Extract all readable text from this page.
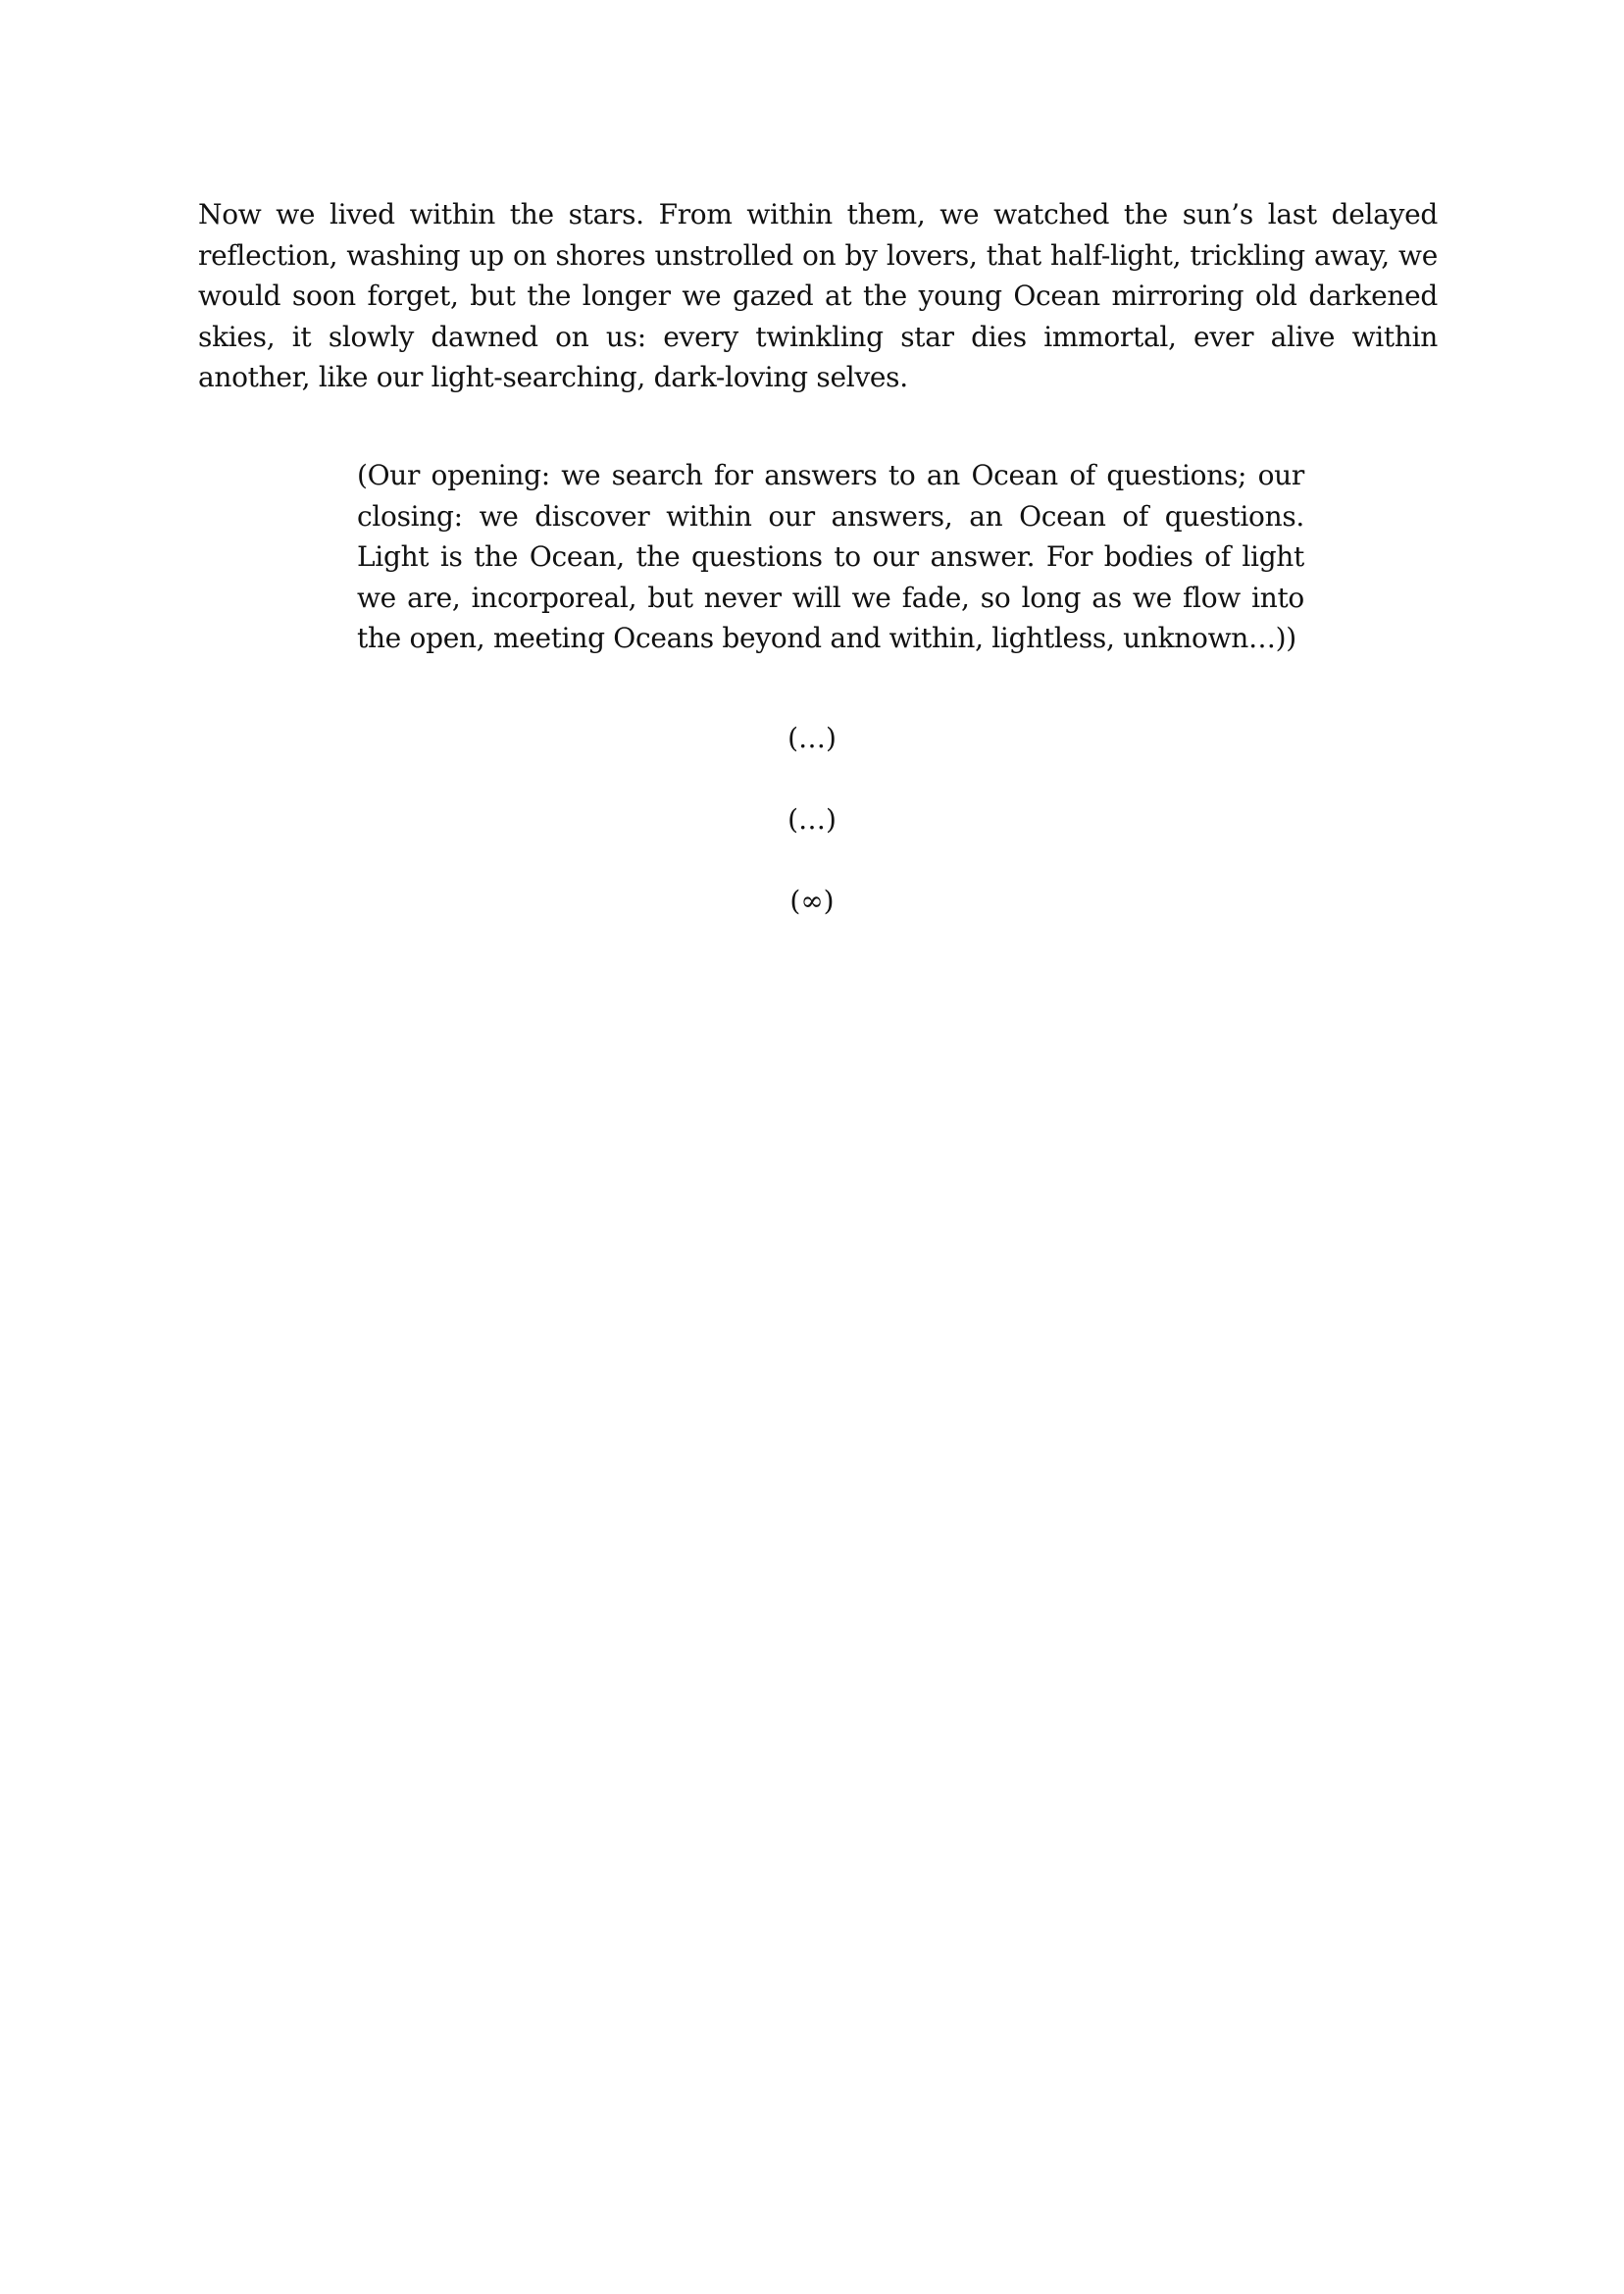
Now we lived within the stars. From within them, we watched the sun’s last delayed reflection, washing up on shores unstrolled on by lovers, that half-light, trickling away, we would soon forget, but the longer we gazed at the young Ocean mirroring old darkened skies, it slowly dawned on us: every twinkling star dies immortal, ever alive within another, like our light-searching, dark-loving selves.

(Our opening: we search for answers to an Ocean of questions; our closing: we discover within our answers, an Ocean of questions. Light is the Ocean, the questions to our answer. For bodies of light we are, incorporeal, but never will we fade, so long as we flow into the open, meeting Oceans beyond and within, lightless, unknown…))

(…)

(…)

(∞)
